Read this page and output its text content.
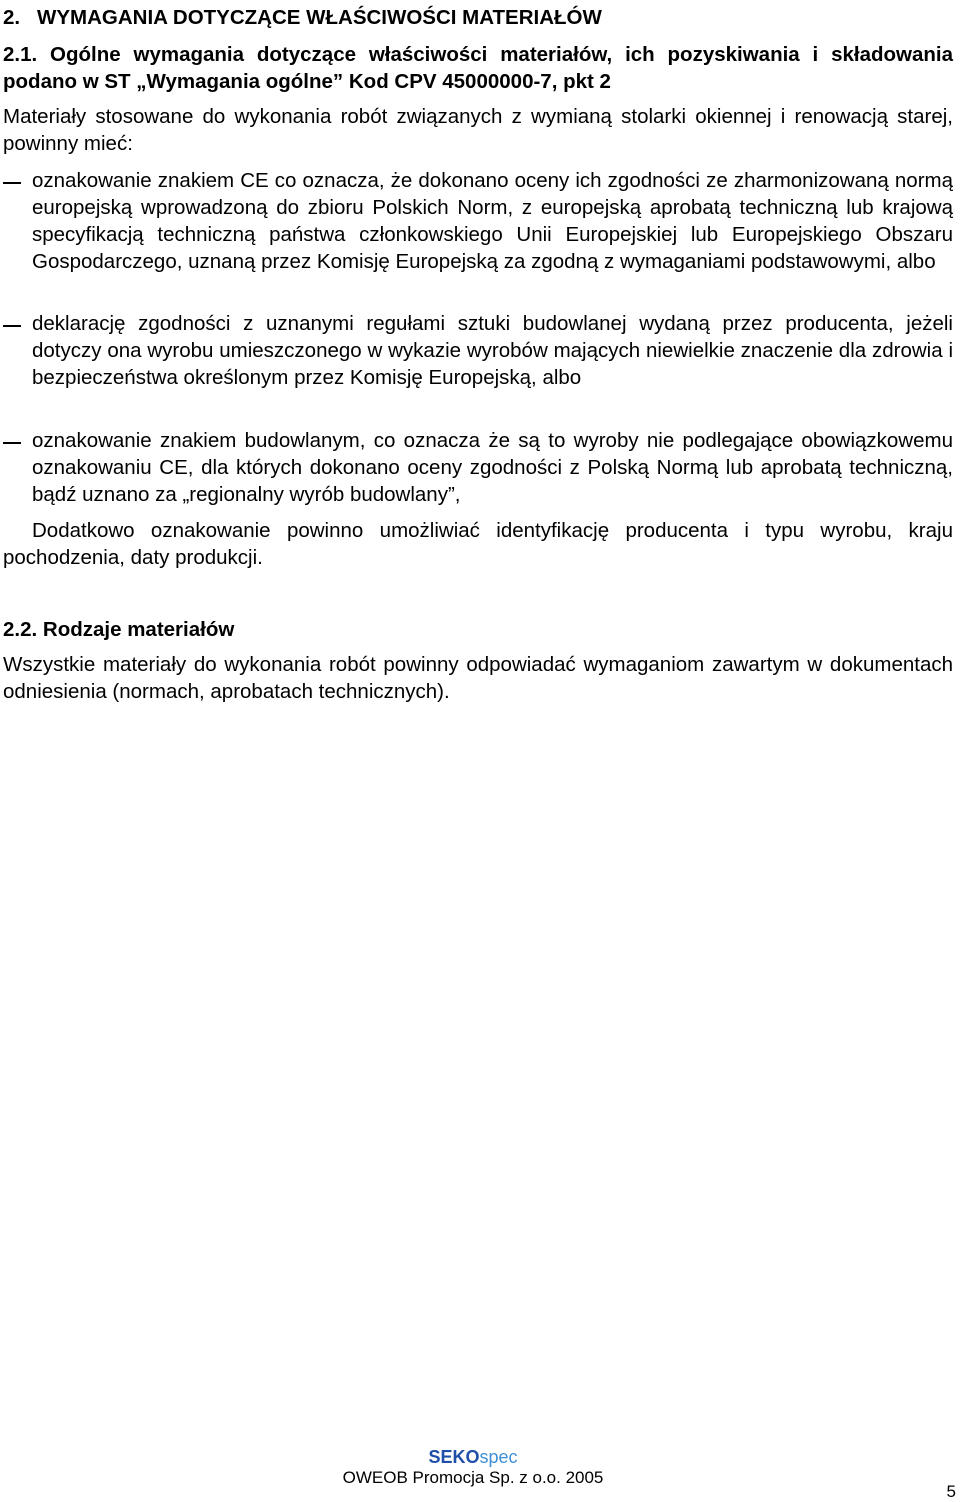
2. WYMAGANIA DOTYCZĄCE WŁAŚCIWOŚCI MATERIAŁÓW
2.1. Ogólne wymagania dotyczące właściwości materiałów, ich pozyskiwania i składowania podano w ST „Wymagania ogólne” Kod CPV 45000000-7, pkt 2
Materiały stosowane do wykonania robót związanych z wymianą stolarki okiennej i renowacją starej, powinny mieć:
oznakowanie znakiem CE co oznacza, że dokonano oceny ich zgodności ze zharmonizowaną normą europejską wprowadzoną do zbioru Polskich Norm, z europejską aprobatą techniczną lub krajową specyfikacją techniczną państwa członkowskiego Unii Europejskiej lub Europejskiego Obszaru Gospodarczego, uznaną przez Komisję Europejską za zgodną z wymaganiami podstawowymi, albo
deklarację zgodności z uznanymi regułami sztuki budowlanej wydaną przez producenta, jeżeli dotyczy ona wyrobu umieszczonego w wykazie wyrobów mających niewielkie znaczenie dla zdrowia i bezpieczeństwa określonym przez Komisję Europejską, albo
oznakowanie znakiem budowlanym, co oznacza że są to wyroby nie podlegające obowiązkowemu oznakowaniu CE, dla których dokonano oceny zgodności z Polską Normą lub aprobatą techniczną, bądź uznano za „regionalny wyrób budowlany”,
Dodatkowo oznakowanie powinno umożliwiać identyfikację producenta i typu wyrobu, kraju pochodzenia, daty produkcji.
2.2. Rodzaje materiałów
Wszystkie materiały do wykonania robót powinny odpowiadać wymaganiom zawartym w dokumentach odniesienia (normach, aprobatach technicznych).
SEKOspec
OWEOB Promocja Sp. z o.o. 2005
5
